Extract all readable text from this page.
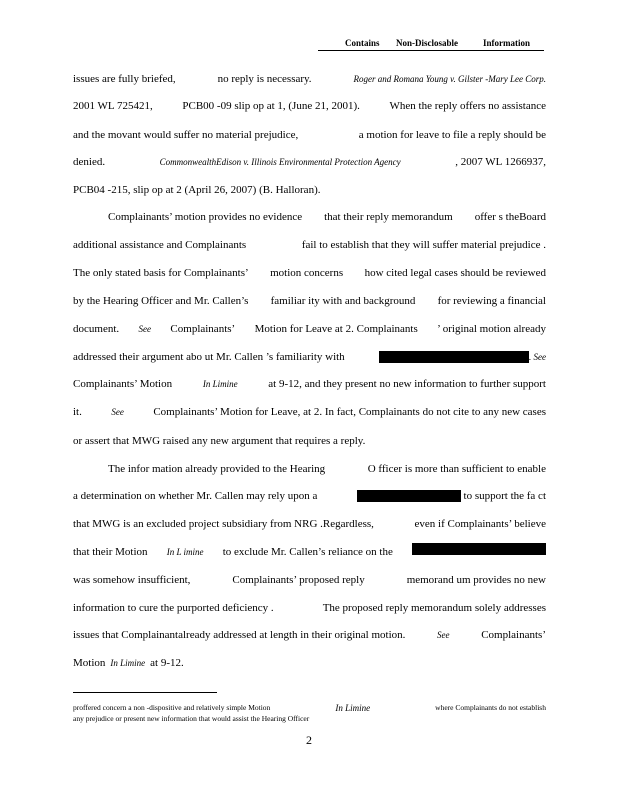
Contains Non-Disclosable	Information
issues are fully briefed,	no reply is necessary.	Roger and Romana Young v. Gilster -Mary Lee Corp.
2001 WL 725421,	PCB00 -09 slip op at 1, (June 21, 2001).	When the reply offers no assistance
and the movant would suffer no material prejudice,	a motion for leave to file a reply should be
denied.	CommonwealthEdison v. Illinois Environmental Protection Agency	, 2007 WL 1266937,
PCB04 -215, slip op at 2 (April 26, 2007) (B. Halloran).
Complainants’ motion provides no evidence that their reply memorandum offer s theBoard
additional assistance and Complainants	fail to establish that they will suffer material prejudice .
The only stated basis for Complainants’ motion concerns how cited legal cases should be reviewed
by the Hearing Officer and Mr. Callen’s familiar ity with and background for reviewing a financial
document. See Complainants’ Motion for Leave at 2. Complainants ’ original motion already
addressed their argument abo ut Mr. Callen ’s familiarity with	. See
Complainants’ Motion	In Limine	at 9-12, and they present no new information to further support
it.	See	Complainants’ Motion for Leave, at 2. In fact, Complainants do not cite to any new cases
or assert that MWG raised any new argument that requires a reply.
The infor mation already provided to the Hearing	O fficer is more than sufficient to enable
a determination on whether Mr. Callen may rely upon a	to support the fa ct
that MWG is an excluded project subsidiary from NRG .Regardless,	even if Complainants’ believe
that their Motion In L imine to exclude Mr. Callen’s reliance on the
was somehow insufficient,	Complainants’ proposed reply	memorand um provides no new
information to cure the purported deficiency .	The proposed reply memorandum solely addresses
issues that Complainantalready addressed at length in their original motion.	See	Complainants’
Motion In Limine at 9-12.
proffered concern a non -dispositive and relatively simple Motion	In Limine	where Complainants do not establish
any prejudice or present new information that would assist the Hearing Officer
2
